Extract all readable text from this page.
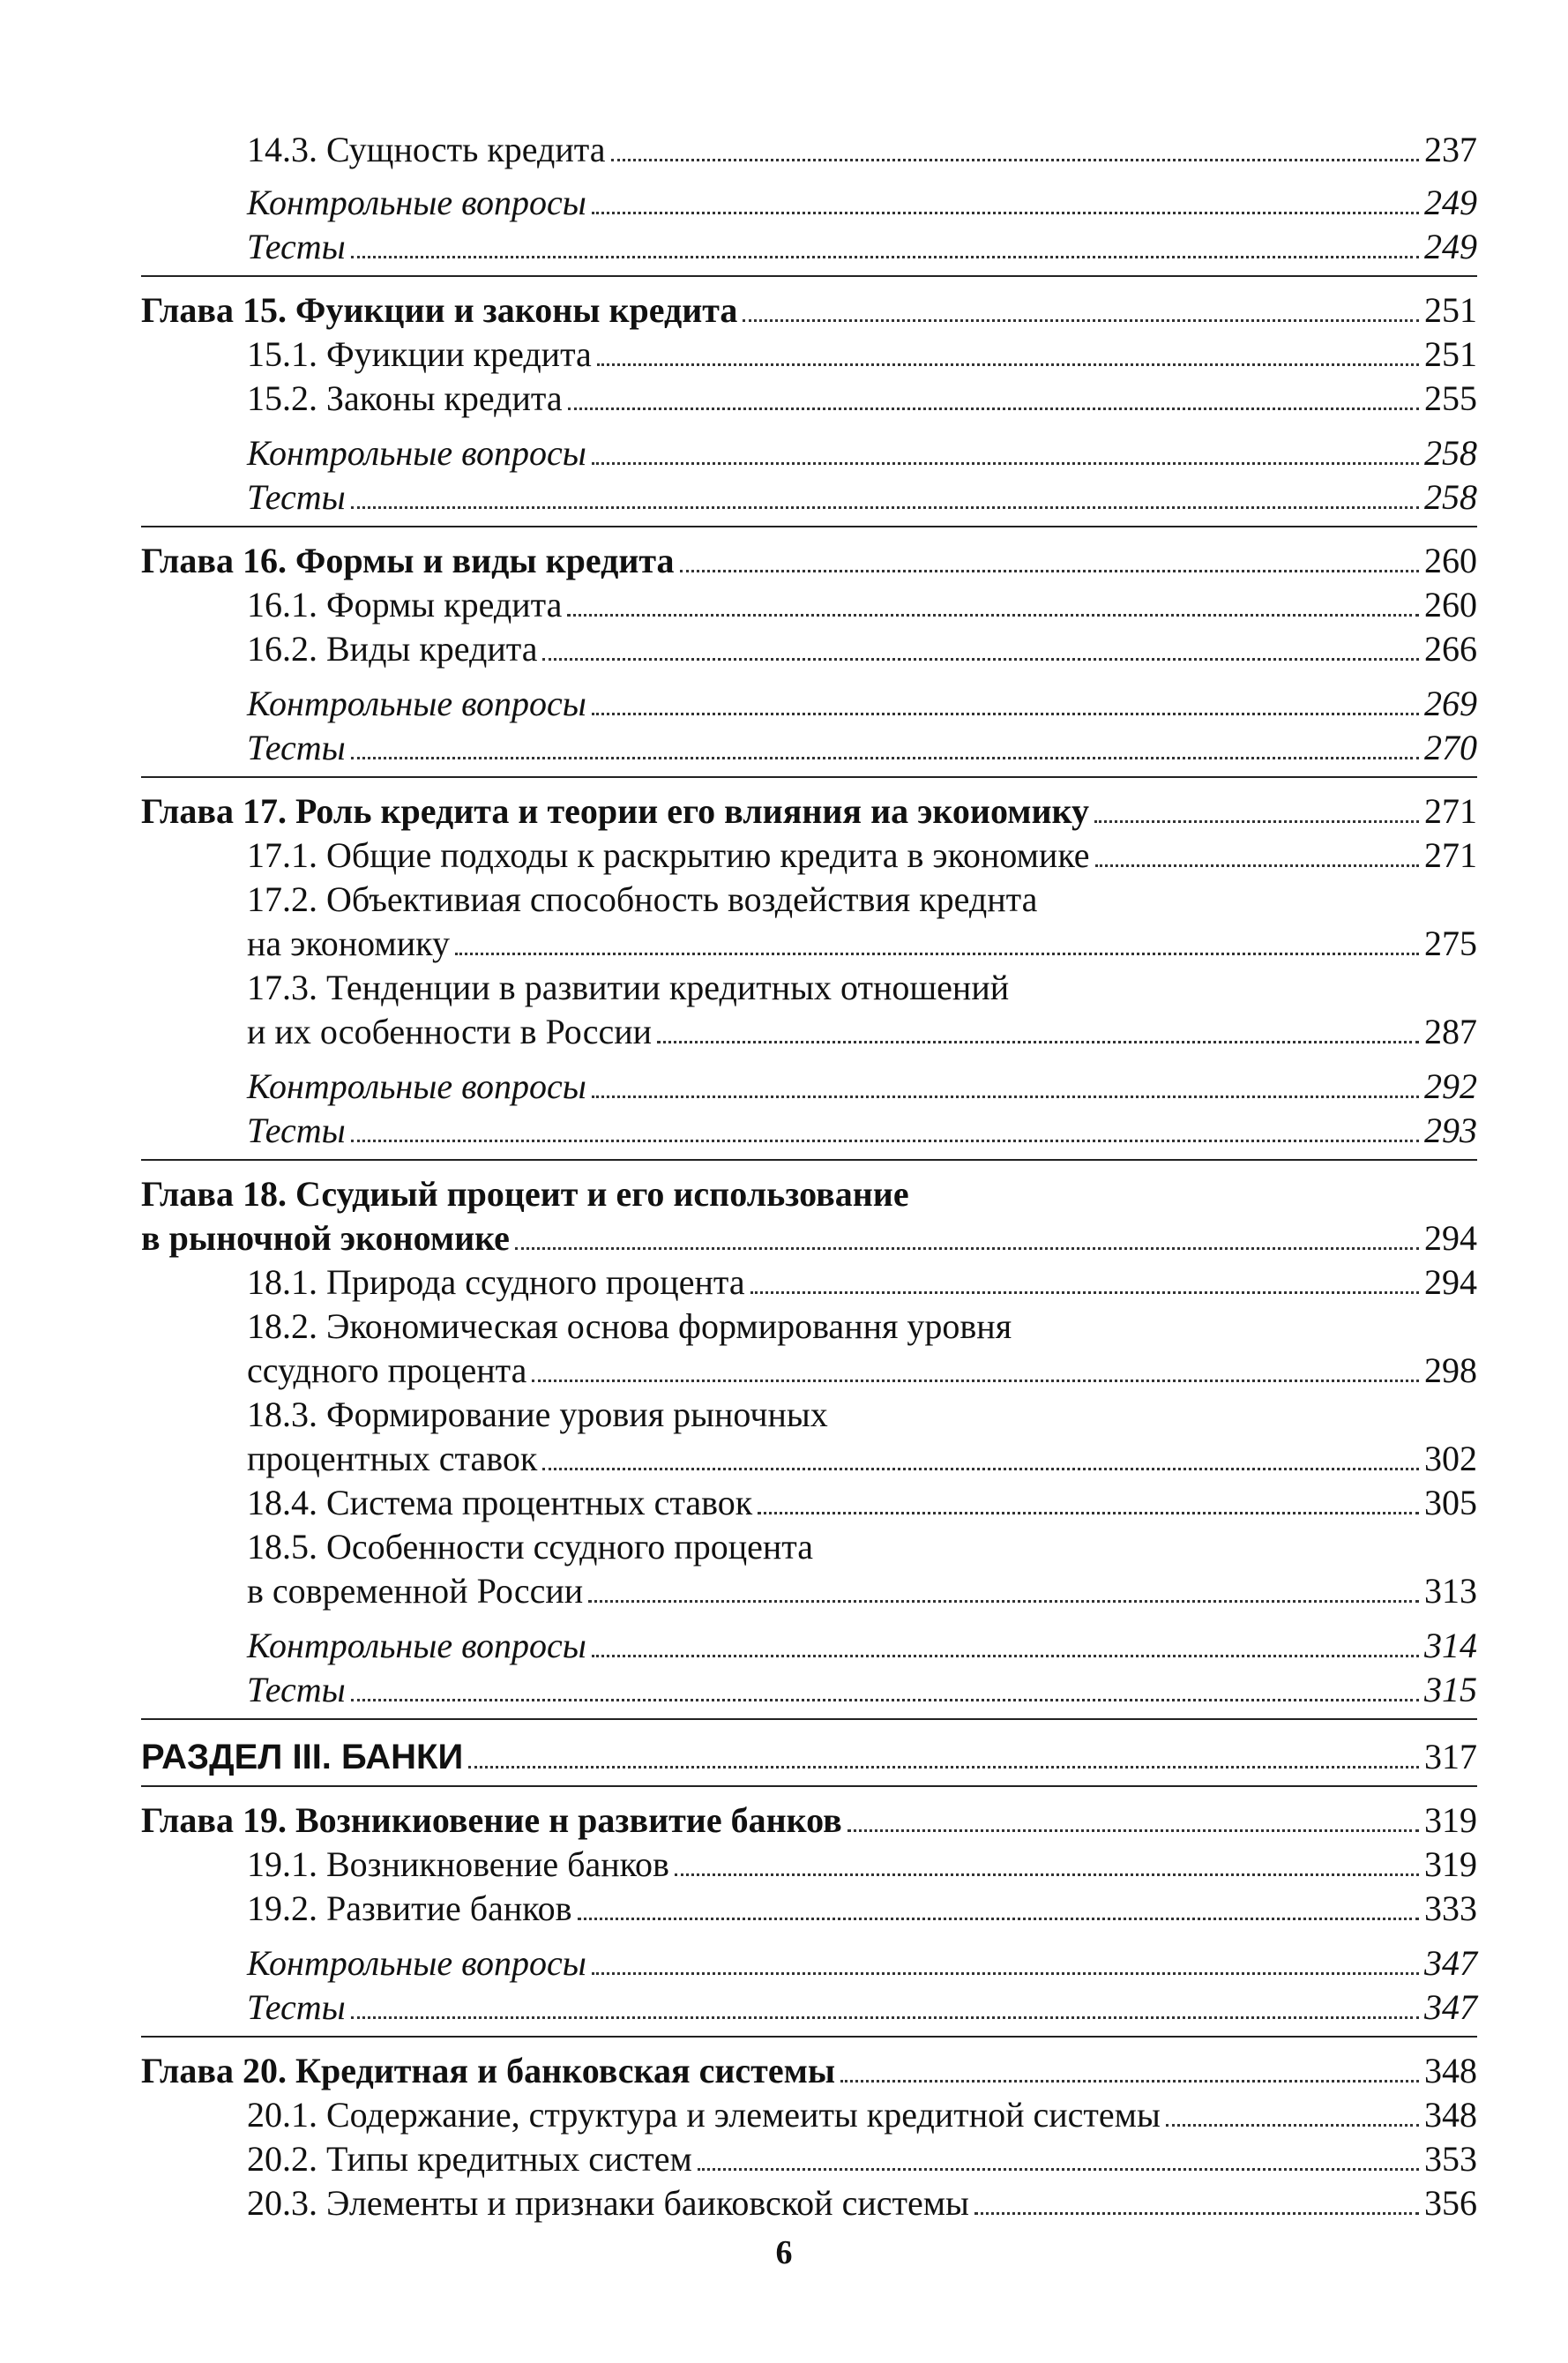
14.3. Сущность кредита	237
Контрольные вопросы	249
Тесты	249
Глава 15. Фуикции и законы кредита	251
15.1. Фуикции кредита	251
15.2. Законы кредита	255
Контрольные вопросы	258
Тесты	258
Глава 16. Формы и виды кредита	260
16.1. Формы кредита	260
16.2. Виды кредита	266
Контрольные вопросы	269
Тесты	270
Глава 17. Роль кредита и теории его влияния иа экоиомику	271
17.1. Общие подходы к раскрытию кредита в экономике	271
17.2. Объективиая способность воздействия креднта
на экономику	275
17.3. Тенденции в развитии кредитных отношений
и их особенности в России	287
Контрольные вопросы	292
Тесты	293
Глава 18. Ссудиый процеит и его использование
в рыночной экономике	294
18.1. Природа ссудного процента	294
18.2. Экономическая основа формировання уровня
ссудного процента	298
18.3. Формирование уровия рыночных
процентных ставок	302
18.4. Система процентных ставок	305
18.5. Особенности ссудного процента
в современной России	313
Контрольные вопросы	314
Тесты	315
РАЗДЕЛ III. БАНКИ	317
Глава 19. Возникиовение н развитие банков	319
19.1. Возникновение банков	319
19.2. Развитие банков	333
Контрольные вопросы	347
Тесты	347
Глава 20. Кредитная и банковская системы	348
20.1. Содержание, структура и элемеиты кредитной системы	348
20.2. Типы кредитных систем	353
20.3. Элементы и признаки баиковской системы	356
6
